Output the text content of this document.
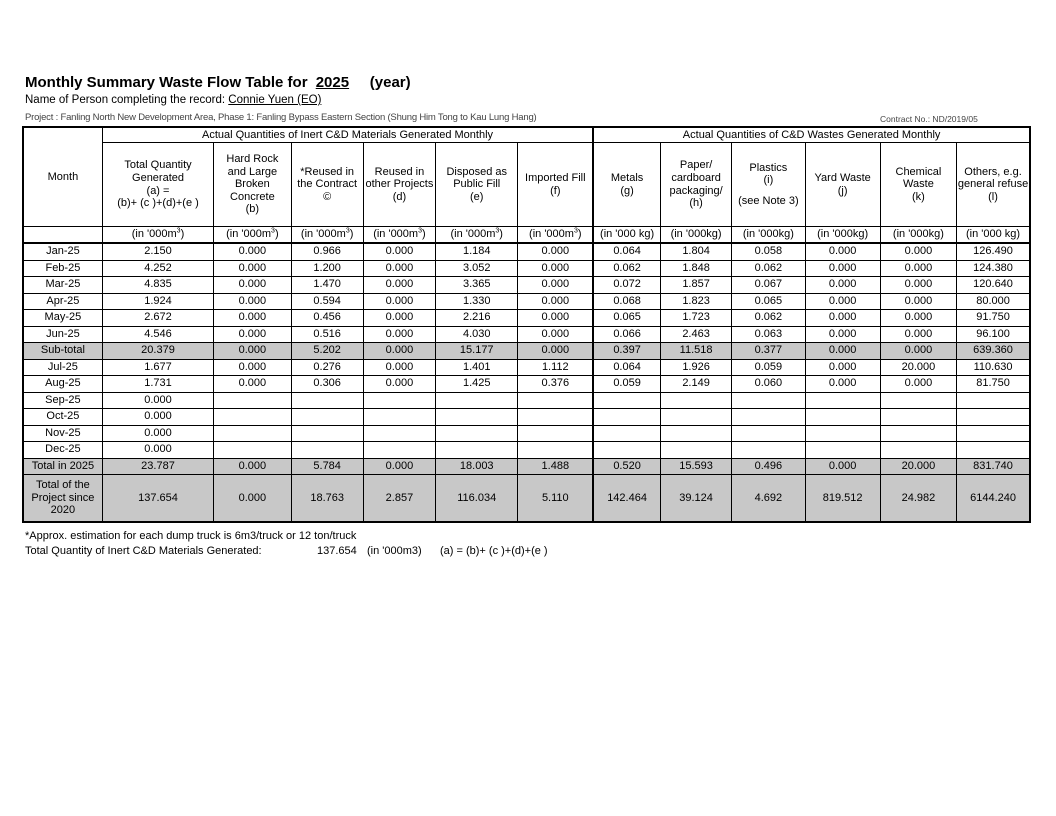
Monthly Summary Waste Flow Table for 2025 (year)
Name of Person completing the record: Connie Yuen (EO)
Project : Fanling North New Development Area, Phase 1: Fanling Bypass Eastern Section (Shung Him Tong to Kau Lung Hang)	Contract No.: ND/2019/05
Month	Actual Quantities of Inert C&D Materials Generated Monthly						Actual Quantities of C&D Wastes Generated Monthly					

	Total Quantity
Generated
(a) =
(b)+ (c )+(d)+(e )	Hard Rock
and Large
Broken
Concrete
(b)	*Reused in
the Contract
©	Reused in
other Projects
(d)	Disposed as
Public Fill
(e)	Imported Fill
(f)	Metals
(g)	Paper/
cardboard
packaging/
(h)	Plastics
(i)
(see Note 3)	Yard Waste
(j)	Chemical
Waste
(k)	Others, e.g.
general refuse
(l)

	(in '$000m^3$)	(in '$000m^3$)	(in '$000m^3$)	(in '$000m^3$)	(in '$000m^3$)	(in '$000m^3$)	(in '000 kg)	(in '000kg)	(in '000kg)	(in '000kg)	(in '000kg)	(in '000 kg)
Jan-25	2.150	0.000	0.966	0.000	1.184	0.000	0.064	1.804	0.058	0.000	0.000	126.490
Feb-25	4.252	0.000	1.200	0.000	3.052	0.000	0.062	1.848	0.062	0.000	0.000	124.380
Mar-25	4.835	0.000	1.470	0.000	3.365	0.000	0.072	1.857	0.067	0.000	0.000	120.640
Apr-25	1.924	0.000	0.594	0.000	1.330	0.000	0.068	1.823	0.065	0.000	0.000	80.000
May-25	2.672	0.000	0.456	0.000	2.216	0.000	0.065	1.723	0.062	0.000	0.000	91.750
Jun-25	4.546	0.000	0.516	0.000	4.030	0.000	0.066	2.463	0.063	0.000	0.000	96.100
Sub-total	20.379	0.000	5.202	0.000	15.177	0.000	0.397	11.518	0.377	0.000	0.000	639.360
Jul-25	1.677	0.000	0.276	0.000	1.401	1.112	0.064	1.926	0.059	0.000	20.000	110.630
Aug-25	1.731	0.000	0.306	0.000	1.425	0.376	0.059	2.149	0.060	0.000	0.000	81.750
Sep-25	0.000											
Oct-25	0.000											
Nov-25	0.000											
Dec-25	0.000											
Total in 2025	23.787	0.000	5.784	0.000	18.003	1.488	0.520	15.593	0.496	0.000	20.000	831.740
Total of the Project since 2020	137.654	0.000	18.763	2.857	116.034	5.110	142.464	39.124	4.692	819.512	24.982	6144.240
*Approx. estimation for each dump truck is 6m3/truck or 12 ton/truck
Total Quantity of Inert C&D Materials Generated:	137.654 (in '000m3) (a) = (b)+ (c )+(d)+(e )
